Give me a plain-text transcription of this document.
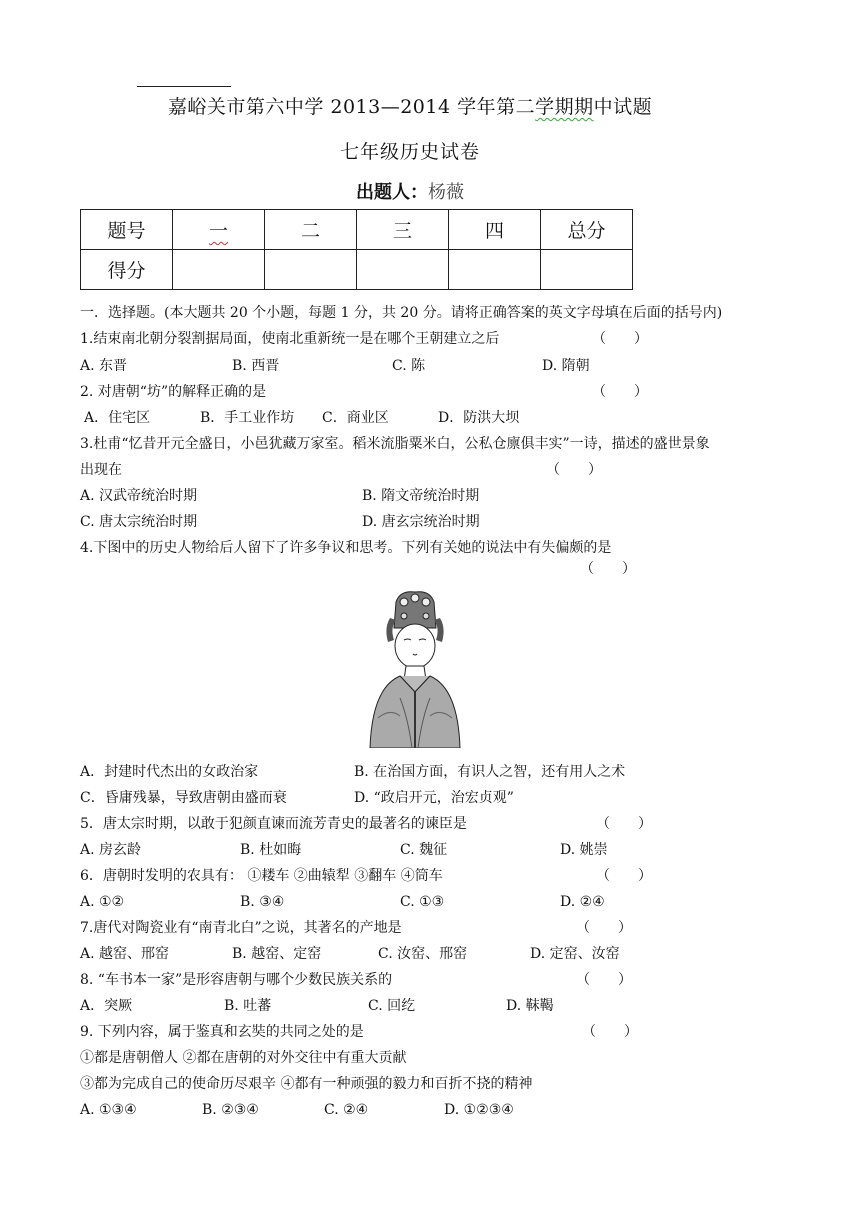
嘉峪关市第六中学 2013—2014 学年第二学期期中试题
七年级历史试卷
出题人：杨薇
题号	一	二	三	四	总分
得分					
一．选择题。(本大题共 20 个小题，每题 1 分，共 20 分。请将正确答案的英文字母填在后面的括号内)
1.结束南北朝分裂割据局面，使南北重新统一是在哪个王朝建立之后	（　　）
A. 东晋	B. 西晋	C. 陈	D. 隋朝
2. 对唐朝“坊”的解释正确的是	（　　）
A．住宅区	B．手工业作坊 C．商业区	D．防洪大坝
3.杜甫“忆昔开元全盛日，小邑犹藏万家室。稻米流脂粟米白，公私仓廪俱丰实”一诗，描述的盛世景象
出现在	（　　）
A. 汉武帝统治时期	B. 隋文帝统治时期
C. 唐太宗统治时期	D. 唐玄宗统治时期
4.下图中的历史人物给后人留下了许多争议和思考。下列有关她的说法中有失偏颇的是
（　　）
A．封建时代杰出的女政治家	B. 在治国方面，有识人之智，还有用人之术
C．昏庸残暴，导致唐朝由盛而衰	D. “政启开元，治宏贞观”
5．唐太宗时期，以敢于犯颜直谏而流芳青史的最著名的谏臣是	（　　）
A. 房玄龄	B. 杜如晦	C. 魏征	D. 姚崇
6．唐朝时发明的农具有： ①耧车 ②曲辕犁 ③翻车 ④筒车	（　　）
A. ①②	B. ③④	C. ①③	D. ②④
7.唐代对陶瓷业有“南青北白”之说，其著名的产地是	（　　）
A. 越窑、邢窑	B. 越窑、定窑	C. 汝窑、邢窑	D. 定窑、汝窑
8. “车书本一家”是形容唐朝与哪个少数民族关系的	（　　）
A．突厥	B. 吐蕃	C. 回纥	D. 靺鞨
9. 下列内容，属于鉴真和玄奘的共同之处的是	（　　）
①都是唐朝僧人 ②都在唐朝的对外交往中有重大贡献
③都为完成自己的使命历尽艰辛 ④都有一种顽强的毅力和百折不挠的精神
A. ①③④	B. ②③④	C. ②④	D. ①②③④
